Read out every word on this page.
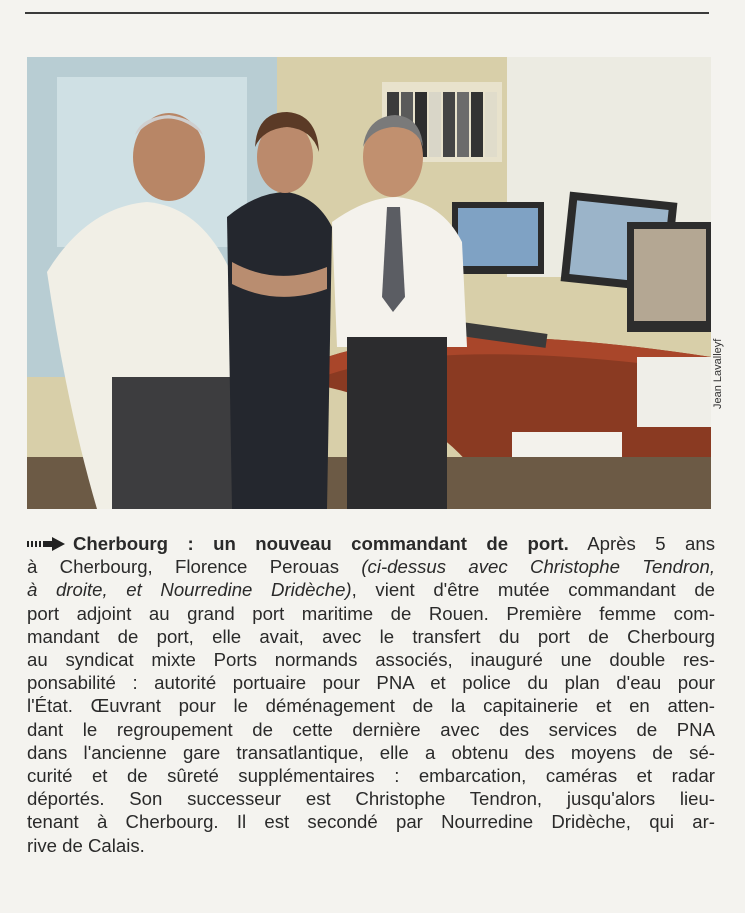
Jean Lavalleyf
Cherbourg : un nouveau commandant de port. Après 5 ans
à Cherbourg, Florence Perouas (ci-dessus avec Christophe Tendron,
à droite, et Nourredine Dridèche), vient d'être mutée commandant de
port adjoint au grand port maritime de Rouen. Première femme com-
mandant de port, elle avait, avec le transfert du port de Cherbourg
au syndicat mixte Ports normands associés, inauguré une double res-
ponsabilité : autorité portuaire pour PNA et police du plan d'eau pour
l'État. Œuvrant pour le déménagement de la capitainerie et en atten-
dant le regroupement de cette dernière avec des services de PNA
dans l'ancienne gare transatlantique, elle a obtenu des moyens de sé-
curité et de sûreté supplémentaires : embarcation, caméras et radar
déportés. Son successeur est Christophe Tendron, jusqu'alors lieu-
tenant à Cherbourg. Il est secondé par Nourredine Dridèche, qui ar-
rive de Calais.
